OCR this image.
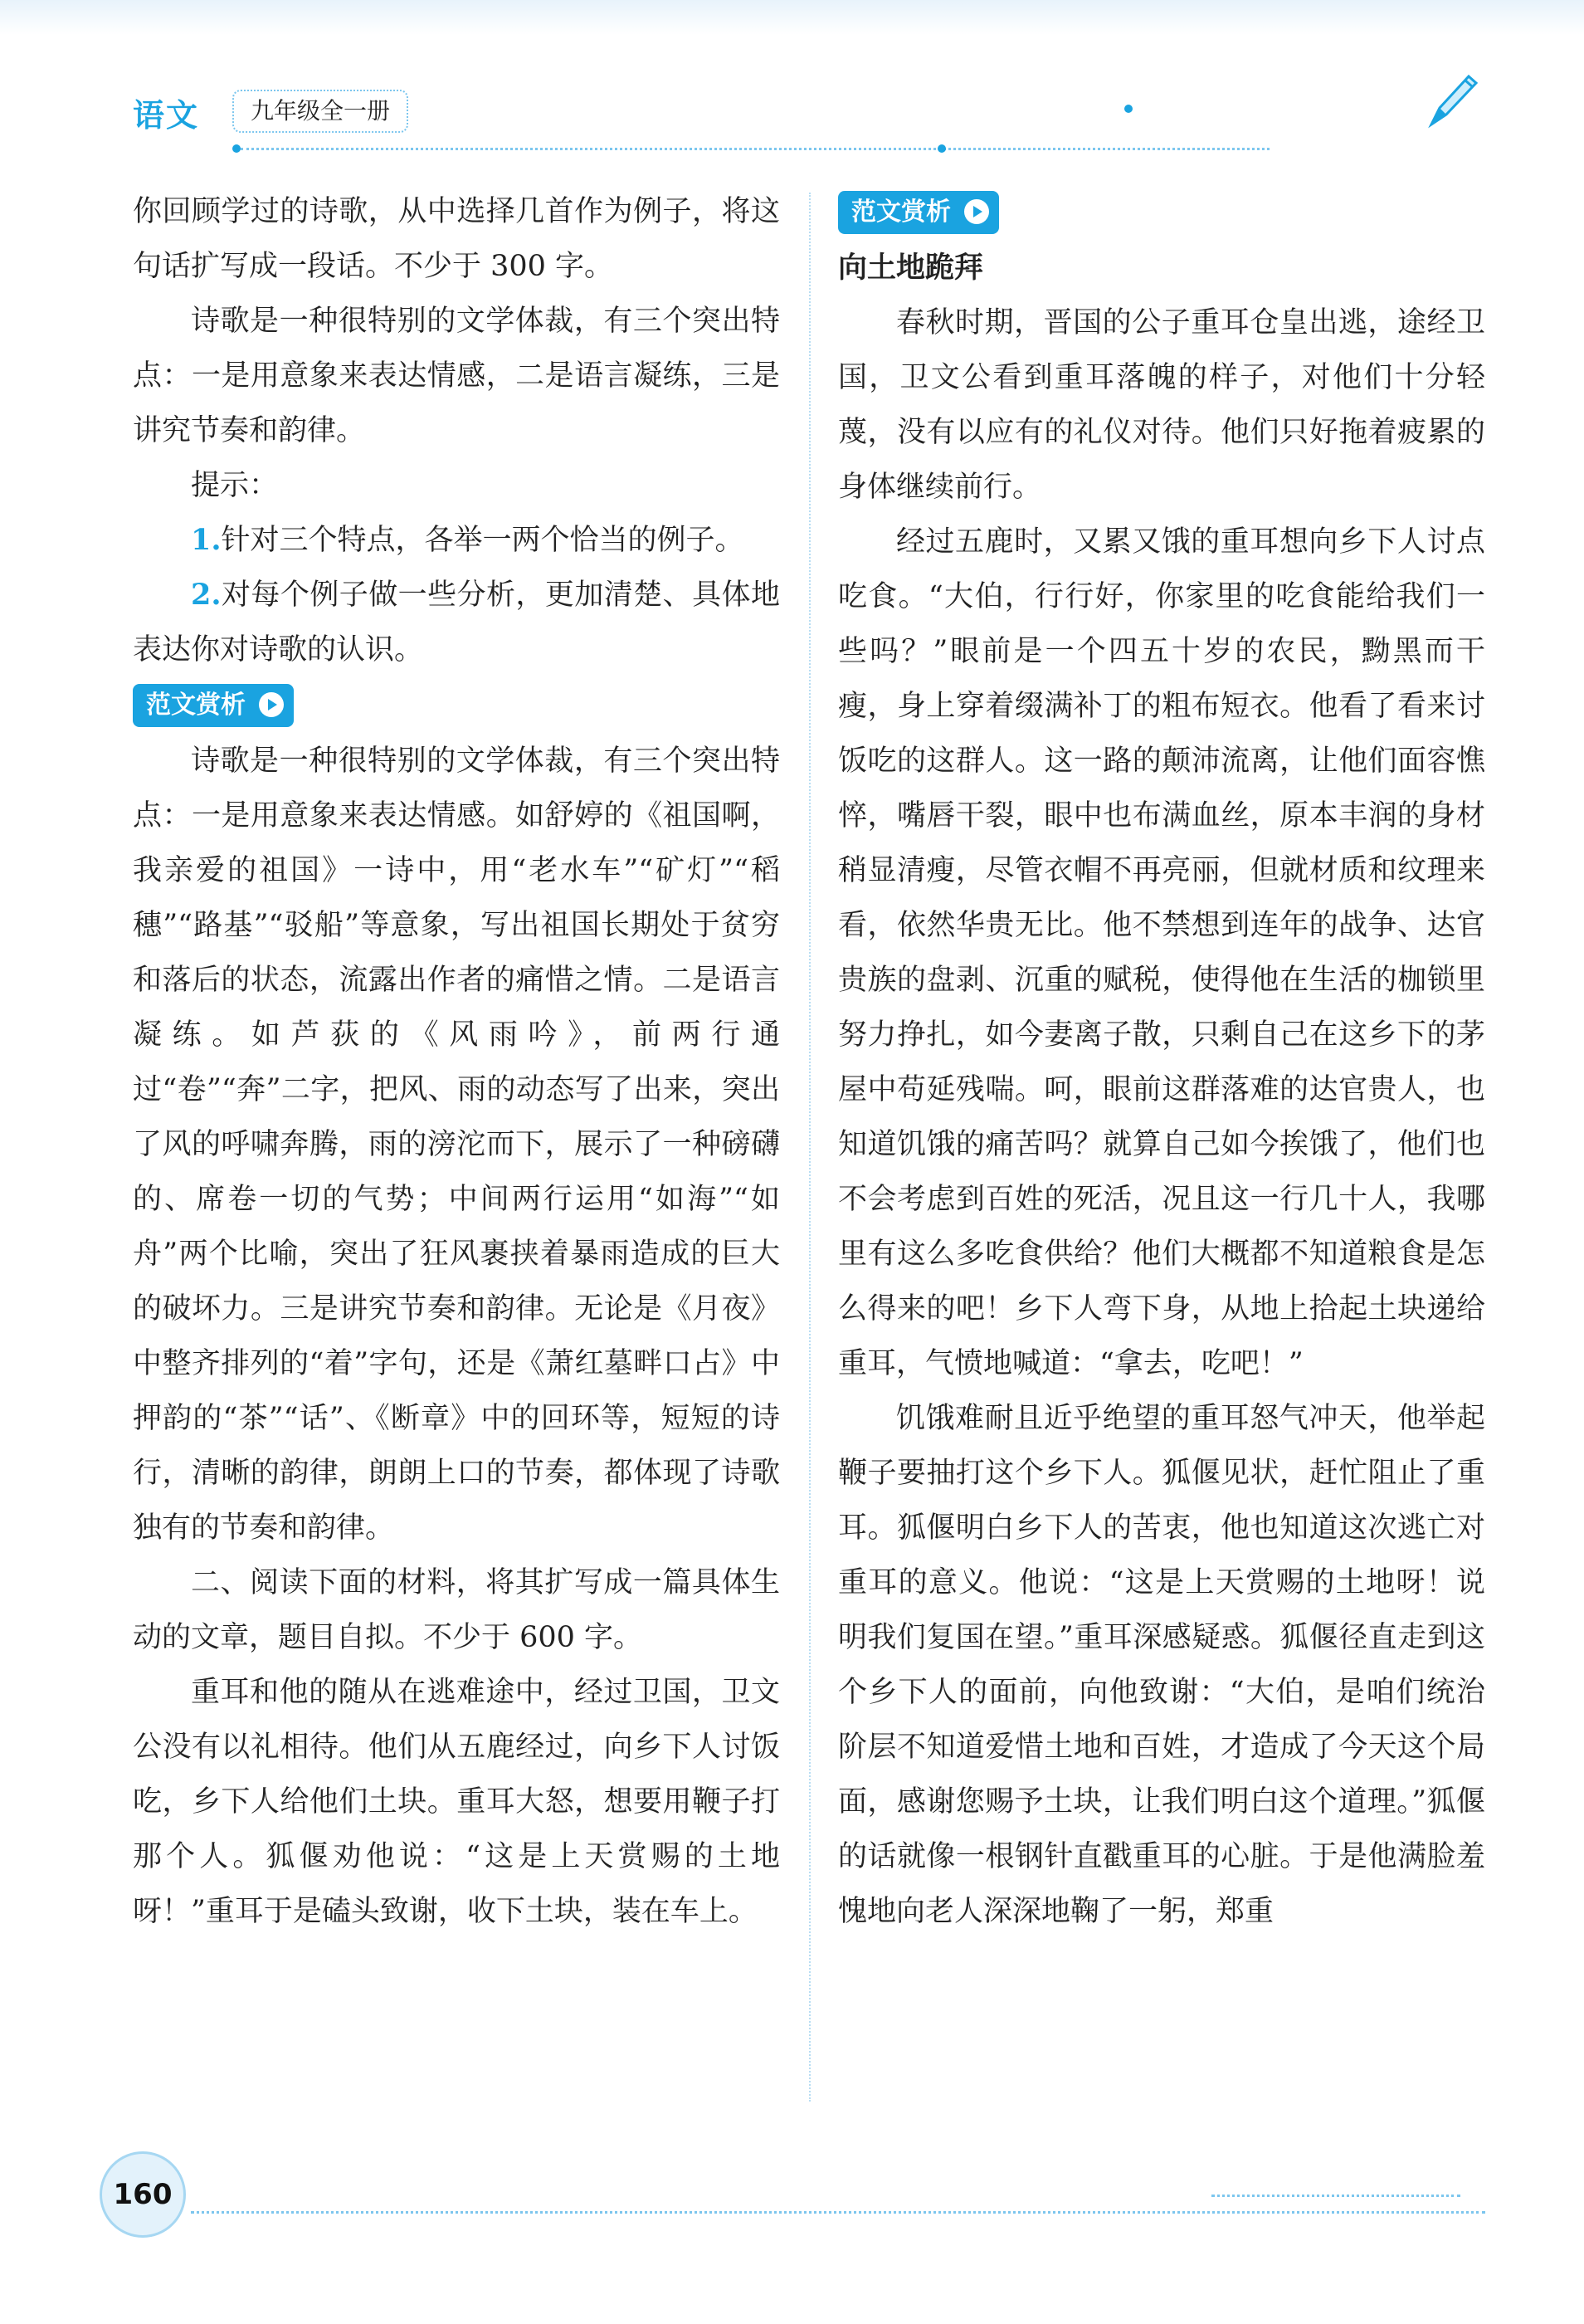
语文	九年级全一册

你回顾学过的诗歌，从中选择几首作为例子，将这句话扩写成一段话。不少于 300 字。

诗歌是一种很特别的文学体裁，有三个突出特点：一是用意象来表达情感，二是语言凝练，三是讲究节奏和韵律。

提示：

1.针对三个特点，各举一两个恰当的例子。

2.对每个例子做一些分析，更加清楚、具体地表达你对诗歌的认识。

范文赏析

诗歌是一种很特别的文学体裁，有三个突出特点：一是用意象来表达情感。如舒婷的《祖国啊，我亲爱的祖国》一诗中，用“老水车”“矿灯”“稻穗”“路基”“驳船”等意象，写出祖国长期处于贫穷和落后的状态，流露出作者的痛惜之情。二是语言凝练。如芦荻的《风雨吟》，前两行通过“卷”“奔”二字，把风、雨的动态写了出来，突出了风的呼啸奔腾，雨的滂沱而下，展示了一种磅礴的、席卷一切的气势；中间两行运用“如海”“如舟”两个比喻，突出了狂风裹挟着暴雨造成的巨大的破坏力。三是讲究节奏和韵律。无论是《月夜》中整齐排列的“着”字句，还是《萧红墓畔口占》中押韵的“茶”“话”、《断章》中的回环等，短短的诗行，清晰的韵律，朗朗上口的节奏，都体现了诗歌独有的节奏和韵律。

二、阅读下面的材料，将其扩写成一篇具体生动的文章，题目自拟。不少于 600 字。

重耳和他的随从在逃难途中，经过卫国，卫文公没有以礼相待。他们从五鹿经过，向乡下人讨饭吃，乡下人给他们土块。重耳大怒，想要用鞭子打那个人。狐偃劝他说：“这是上天赏赐的土地呀！”重耳于是磕头致谢，收下土块，装在车上。

范文赏析

向土地跪拜

春秋时期，晋国的公子重耳仓皇出逃，途经卫国，卫文公看到重耳落魄的样子，对他们十分轻蔑，没有以应有的礼仪对待。他们只好拖着疲累的身体继续前行。

经过五鹿时，又累又饿的重耳想向乡下人讨点吃食。“大伯，行行好，你家里的吃食能给我们一些吗？”眼前是一个四五十岁的农民，黝黑而干瘦，身上穿着缀满补丁的粗布短衣。他看了看来讨饭吃的这群人。这一路的颠沛流离，让他们面容憔悴，嘴唇干裂，眼中也布满血丝，原本丰润的身材稍显清瘦，尽管衣帽不再亮丽，但就材质和纹理来看，依然华贵无比。他不禁想到连年的战争、达官贵族的盘剥、沉重的赋税，使得他在生活的枷锁里努力挣扎，如今妻离子散，只剩自己在这乡下的茅屋中苟延残喘。呵，眼前这群落难的达官贵人，也知道饥饿的痛苦吗？就算自己如今挨饿了，他们也不会考虑到百姓的死活，况且这一行几十人，我哪里有这么多吃食供给？他们大概都不知道粮食是怎么得来的吧！乡下人弯下身，从地上拾起土块递给重耳，气愤地喊道：“拿去，吃吧！”

饥饿难耐且近乎绝望的重耳怒气冲天，他举起鞭子要抽打这个乡下人。狐偃见状，赶忙阻止了重耳。狐偃明白乡下人的苦衷，他也知道这次逃亡对重耳的意义。他说：“这是上天赏赐的土地呀！说明我们复国在望。”重耳深感疑惑。狐偃径直走到这个乡下人的面前，向他致谢：“大伯，是咱们统治阶层不知道爱惜土地和百姓，才造成了今天这个局面，感谢您赐予土块，让我们明白这个道理。”狐偃的话就像一根钢针直戳重耳的心脏。于是他满脸羞愧地向老人深深地鞠了一躬，郑重

160
